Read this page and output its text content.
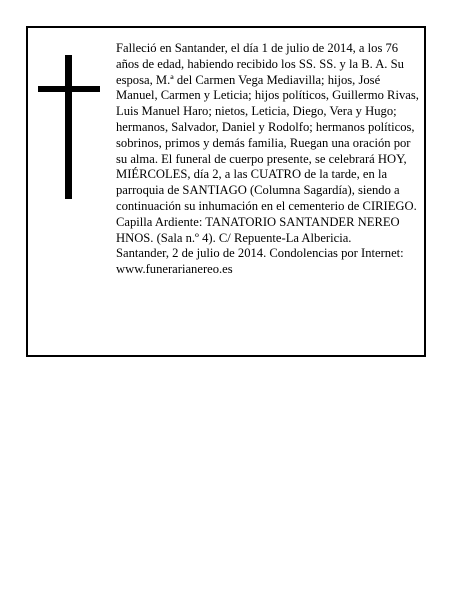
Falleció en Santander, el día 1 de julio de 2014, a los 76 años de edad, habiendo recibido los SS. SS. y la B. A. Su esposa, M.ª del Carmen Vega Mediavilla; hijos, José Manuel, Carmen y Leticia; hijos políticos, Guillermo Rivas, Luis Manuel Haro; nietos, Leticia, Diego, Vera y Hugo; hermanos, Salvador, Daniel y Rodolfo; hermanos políticos, sobrinos, primos y demás familia, Ruegan una oración por su alma. El funeral de cuerpo presente, se celebrará HOY, MIÉRCOLES, día 2, a las CUATRO de la tarde, en la parroquia de SANTIAGO (Columna Sagardía), siendo a continuación su inhumación en el cementerio de CIRIEGO. Capilla Ardiente: TANATORIO SANTANDER NEREO HNOS. (Sala n.º 4). C/ Repuente-La Albericia.

Santander, 2 de julio de 2014. Condolencias por Internet: www.funerarianereo.es
